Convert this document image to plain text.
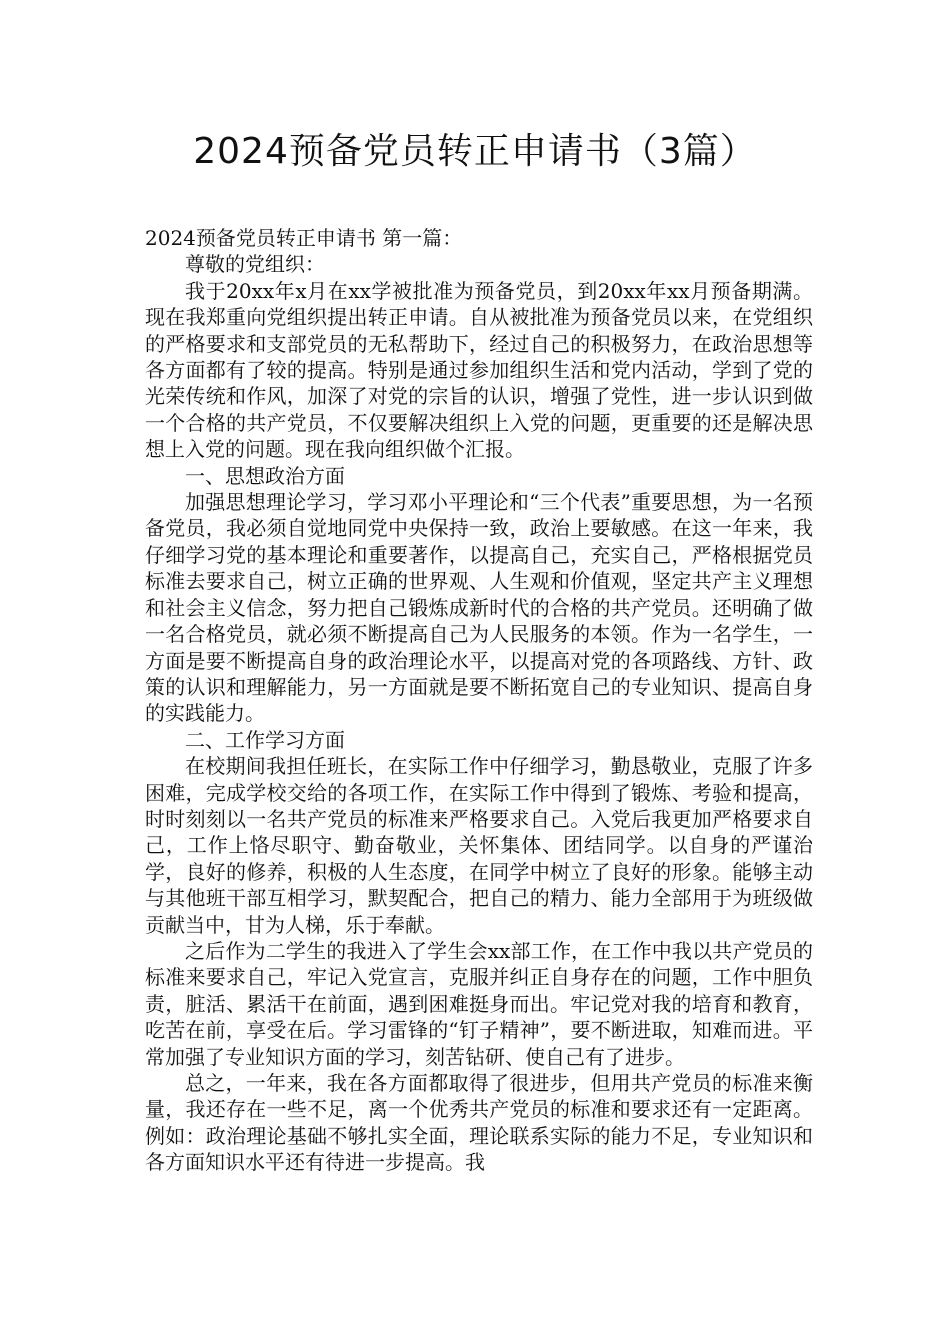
2024预备党员转正申请书（3篇）

2024预备党员转正申请书 第一篇：

尊敬的党组织：

我于20xx年x月在xx学被批准为预备党员，到20xx年xx月预备期满。现在我郑重向党组织提出转正申请。自从被批准为预备党员以来，在党组织的严格要求和支部党员的无私帮助下，经过自己的积极努力，在政治思想等各方面都有了较的提高。特别是通过参加组织生活和党内活动，学到了党的光荣传统和作风，加深了对党的宗旨的认识，增强了党性，进一步认识到做一个合格的共产党员，不仅要解决组织上入党的问题，更重要的还是解决思想上入党的问题。现在我向组织做个汇报。

一、思想政治方面

加强思想理论学习，学习邓小平理论和“三个代表”重要思想，为一名预备党员，我必须自觉地同党中央保持一致，政治上要敏感。在这一年来，我仔细学习党的基本理论和重要著作，以提高自己，充实自己，严格根据党员标准去要求自己，树立正确的世界观、人生观和价值观，坚定共产主义理想和社会主义信念，努力把自己锻炼成新时代的合格的共产党员。还明确了做一名合格党员，就必须不断提高自己为人民服务的本领。作为一名学生，一方面是要不断提高自身的政治理论水平，以提高对党的各项路线、方针、政策的认识和理解能力，另一方面就是要不断拓宽自己的专业知识、提高自身的实践能力。

二、工作学习方面

在校期间我担任班长，在实际工作中仔细学习，勤恳敬业，克服了许多困难，完成学校交给的各项工作，在实际工作中得到了锻炼、考验和提高，时时刻刻以一名共产党员的标准来严格要求自己。入党后我更加严格要求自己，工作上恪尽职守、勤奋敬业，关怀集体、团结同学。以自身的严谨治学，良好的修养，积极的人生态度，在同学中树立了良好的形象。能够主动与其他班干部互相学习，默契配合，把自己的精力、能力全部用于为班级做贡献当中，甘为人梯，乐于奉献。

之后作为二学生的我进入了学生会xx部工作，在工作中我以共产党员的标准来要求自己，牢记入党宣言，克服并纠正自身存在的问题，工作中胆负责，脏活、累活干在前面，遇到困难挺身而出。牢记党对我的培育和教育，吃苦在前，享受在后。学习雷锋的“钉子精神”，要不断进取，知难而进。平常加强了专业知识方面的学习，刻苦钻研、使自己有了进步。

总之，一年来，我在各方面都取得了很进步，但用共产党员的标准来衡量，我还存在一些不足，离一个优秀共产党员的标准和要求还有一定距离。例如：政治理论基础不够扎实全面，理论联系实际的能力不足，专业知识和各方面知识水平还有待进一步提高。我
